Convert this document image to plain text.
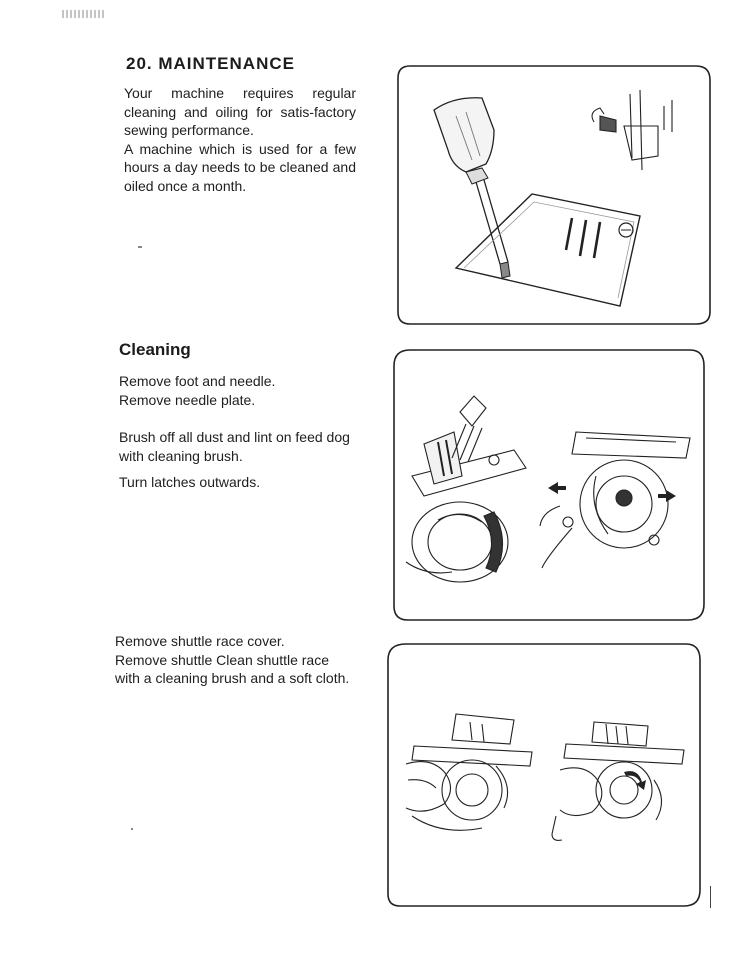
20. MAINTENANCE

Your machine requires regular cleaning and oiling for satis-factory sewing performance.

A machine which is used for a few hours a day needs to be cleaned and oiled once a month.

Cleaning

Remove foot and needle.

Remove needle plate.

Brush off all dust and lint on feed dog with cleaning brush.
Turn latches outwards.

Remove shuttle race cover.

Remove shuttle Clean shuttle race with a cleaning brush and a soft cloth.
